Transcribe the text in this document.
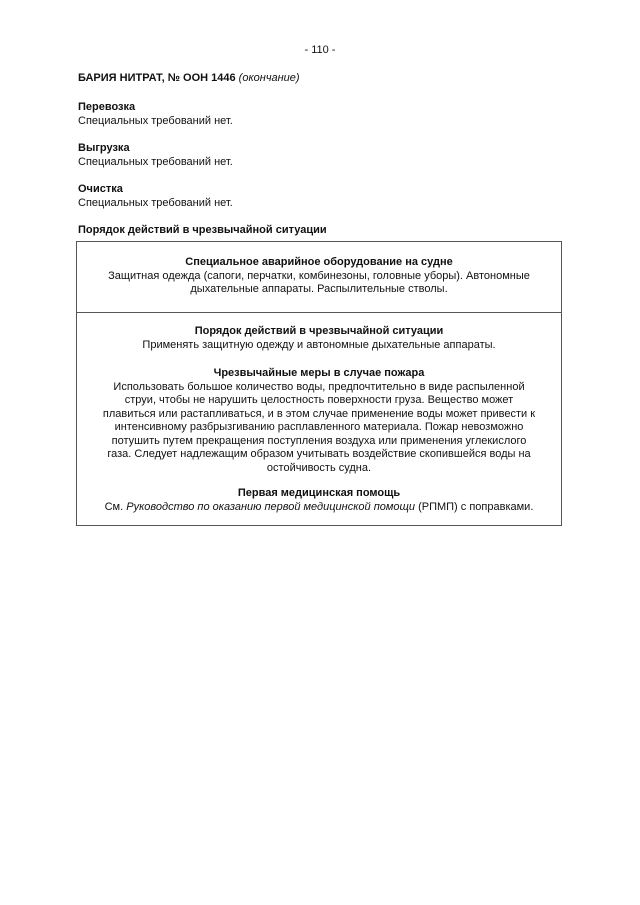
- 110 -
БАРИЯ НИТРАТ, № ООН 1446 (окончание)
Перевозка
Специальных требований нет.
Выгрузка
Специальных требований нет.
Очистка
Специальных требований нет.
Порядок действий в чрезвычайной ситуации
Специальное аварийное оборудование на судне
Защитная одежда (сапоги, перчатки, комбинезоны, головные уборы). Автономные
дыхательные аппараты. Распылительные стволы.
Порядок действий в чрезвычайной ситуации
Применять защитную одежду и автономные дыхательные аппараты.
Чрезвычайные меры в случае пожара
Использовать большое количество воды, предпочтительно в виде распыленной
струи, чтобы не нарушить целостность поверхности груза. Вещество может
плавиться или растапливаться, и в этом случае применение воды может привести к
интенсивному разбрызгиванию расплавленного материала. Пожар невозможно
потушить путем прекращения поступления воздуха или применения углекислого
газа. Следует надлежащим образом учитывать воздействие скопившейся воды на
остойчивость судна.
Первая медицинская помощь
См. Руководство по оказанию первой медицинской помощи (РПМП) с поправками.
